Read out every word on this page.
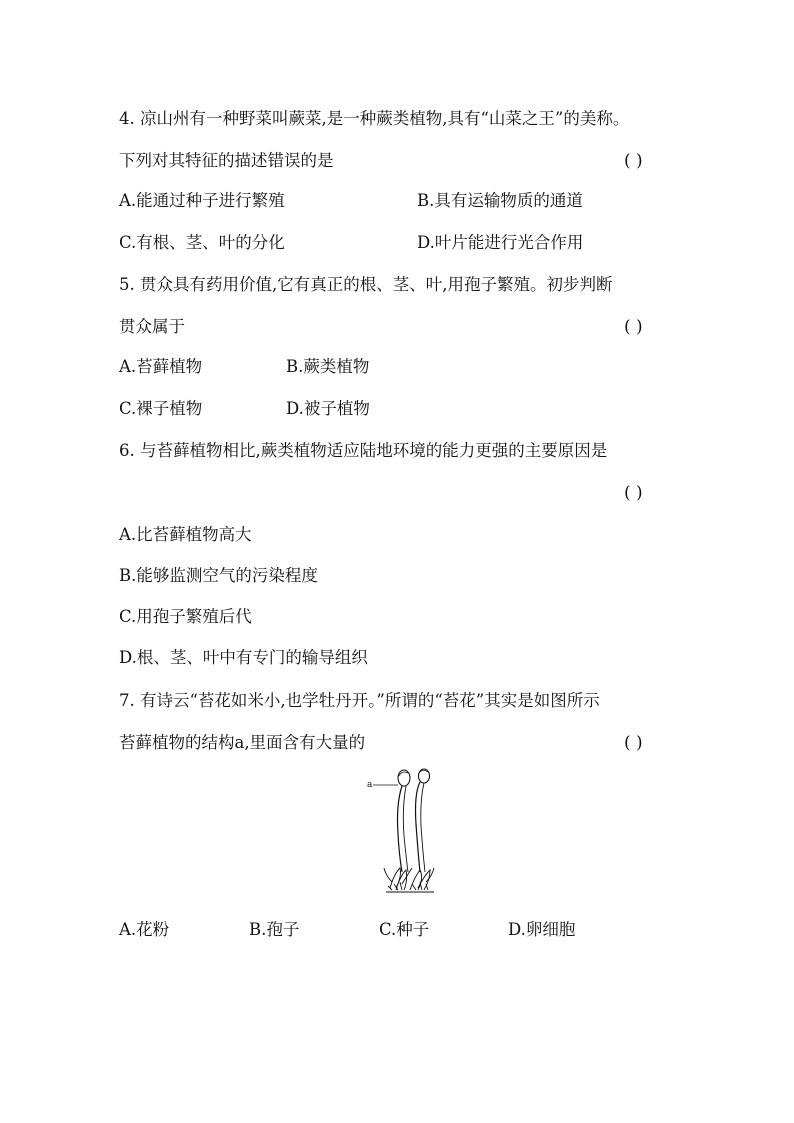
4. 凉山州有一种野菜叫蕨菜,是一种蕨类植物,具有“山菜之王”的美称。
下列对其特征的描述错误的是	( )
A.能通过种子进行繁殖	B.具有运输物质的通道
C.有根、茎、叶的分化	D.叶片能进行光合作用
5. 贯众具有药用价值,它有真正的根、茎、叶,用孢子繁殖。初步判断
贯众属于	( )
A.苔藓植物	B.蕨类植物
C.裸子植物	D.被子植物
6. 与苔藓植物相比,蕨类植物适应陆地环境的能力更强的主要原因是
( )
A.比苔藓植物高大
B.能够监测空气的污染程度
C.用孢子繁殖后代
D.根、茎、叶中有专门的输导组织
7. 有诗云“苔花如米小,也学牡丹开。”所谓的“苔花”其实是如图所示
苔藓植物的结构a,里面含有大量的	( )
a
A.花粉	B.孢子	C.种子	D.卵细胞
